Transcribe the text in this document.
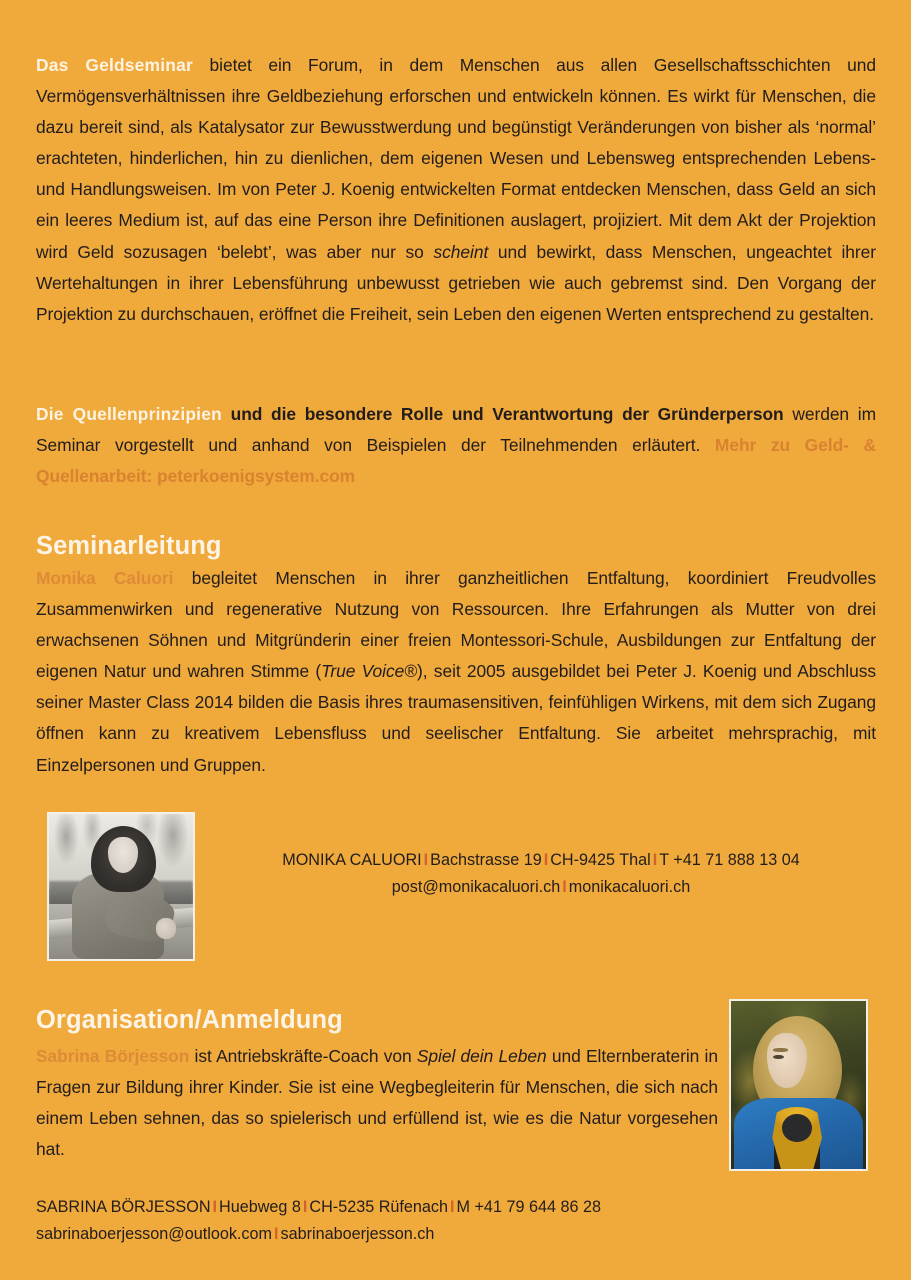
Das Geldseminar bietet ein Forum, in dem Menschen aus allen Gesellschaftsschichten und Vermögensverhältnissen ihre Geldbeziehung erforschen und entwickeln können. Es wirkt für Menschen, die dazu bereit sind, als Katalysator zur Bewusstwerdung und begünstigt Veränderungen von bisher als ‘normal’ erachteten, hinderlichen, hin zu dienlichen, dem eigenen Wesen und Lebensweg entsprechenden Lebens- und Handlungsweisen. Im von Peter J. Koenig entwickelten Format entdecken Menschen, dass Geld an sich ein leeres Medium ist, auf das eine Person ihre Definitionen auslagert, projiziert. Mit dem Akt der Projektion wird Geld sozusagen ‘belebt’, was aber nur so scheint und bewirkt, dass Menschen, ungeachtet ihrer Wertehaltungen in ihrer Lebensführung unbewusst getrieben wie auch gebremst sind. Den Vorgang der Projektion zu durchschauen, eröffnet die Freiheit, sein Leben den eigenen Werten entsprechend zu gestalten.
Die Quellenprinzipien und die besondere Rolle und Verantwortung der Gründerperson werden im Seminar vorgestellt und anhand von Beispielen der Teilnehmenden erläutert. Mehr zu Geld- & Quellenarbeit: peterkoenigsystem.com
Seminarleitung
Monika Caluori begleitet Menschen in ihrer ganzheitlichen Entfaltung, koordiniert Freudvolles Zusammenwirken und regenerative Nutzung von Ressourcen. Ihre Erfahrungen als Mutter von drei erwachsenen Söhnen und Mitgründerin einer freien Montessori-Schule, Ausbildungen zur Entfaltung der eigenen Natur und wahren Stimme (True Voice®), seit 2005 ausgebildet bei Peter J. Koenig und Abschluss seiner Master Class 2014 bilden die Basis ihres traumasensitiven, feinfühligen Wirkens, mit dem sich Zugang öffnen kann zu kreativem Lebensfluss und seelischer Entfaltung. Sie arbeitet mehrsprachig, mit Einzelpersonen und Gruppen.
MONIKA CALUORI I Bachstrasse 19 I CH-9425 Thal I T +41 71 888 13 04
post@monikacaluori.ch I monikacaluori.ch
Organisation/Anmeldung
Sabrina Börjesson ist Antriebskräfte-Coach von Spiel dein Leben und Elternberaterin in Fragen zur Bildung ihrer Kinder. Sie ist eine Wegbegleiterin für Menschen, die sich nach einem Leben sehnen, das so spielerisch und erfüllend ist, wie es die Natur vorgesehen hat.
SABRINA BÖRJESSON I Huebweg 8 I CH-5235 Rüfenach I M +41 79 644 86 28
sabrinaboerjesson@outlook.com I sabrinaboerjesson.ch
